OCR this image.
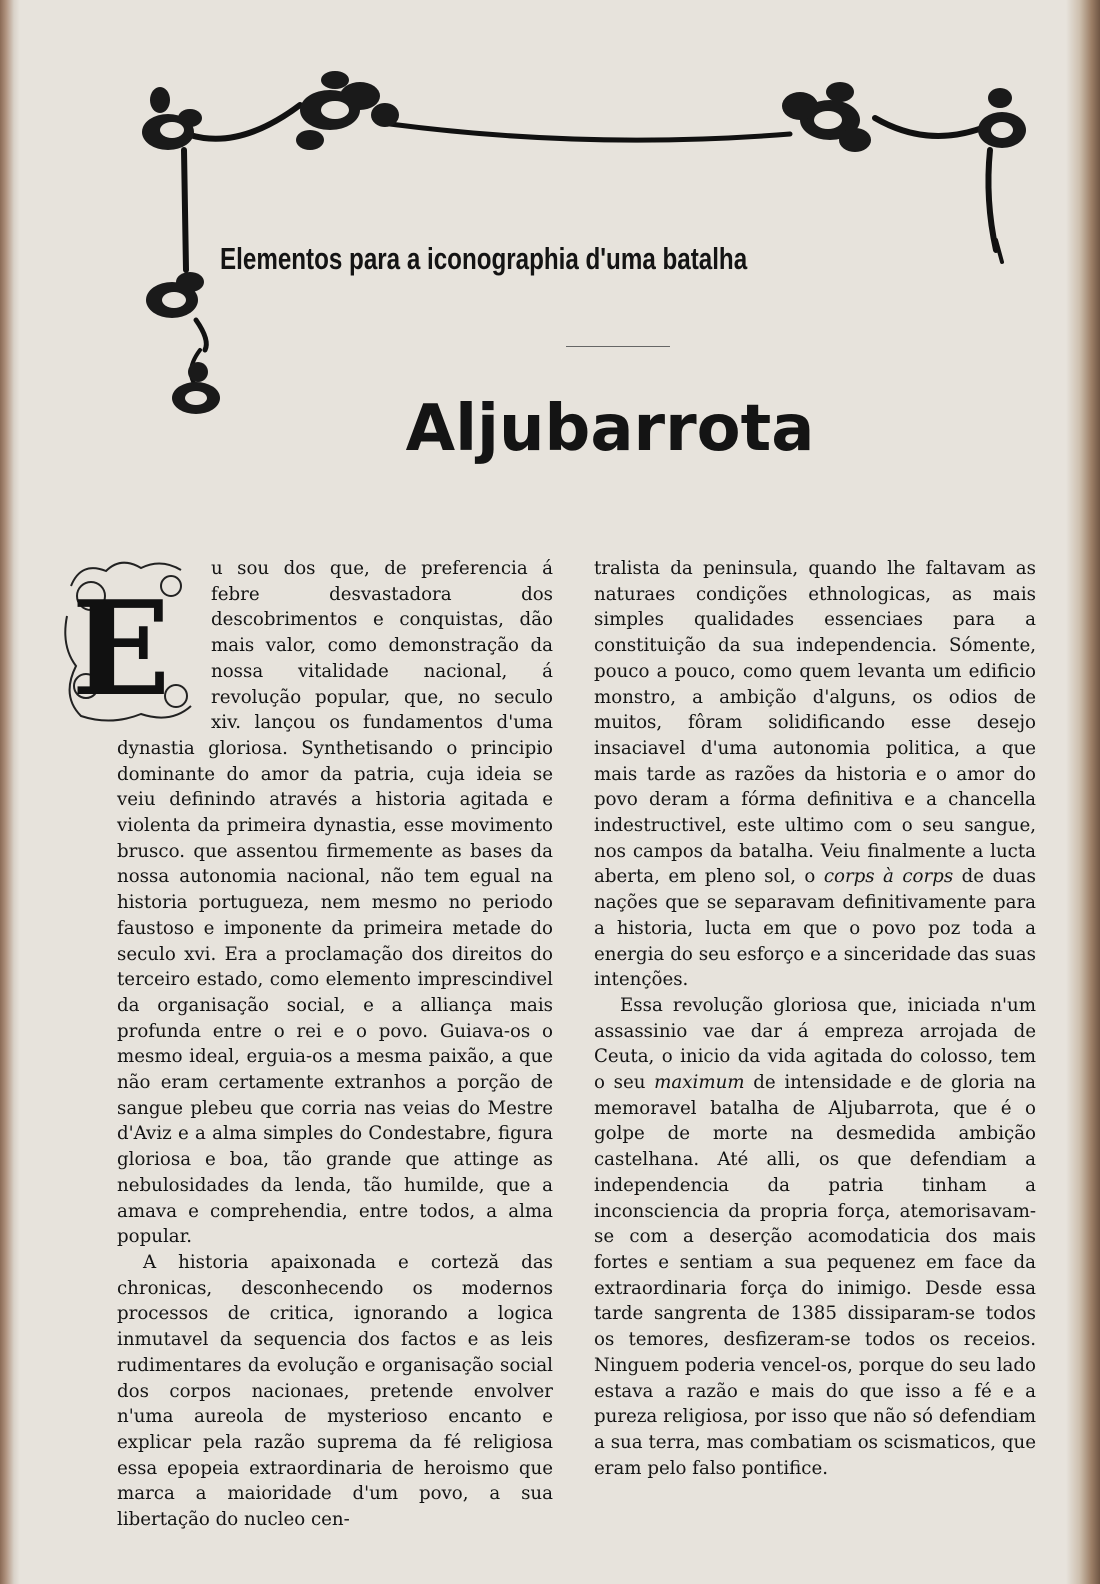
Elementos para a iconographia d'uma batalha
Aljubarrota

E
u sou dos que, de preferencia á febre desvastadora dos descobrimentos e conquistas, dão mais valor, como demonstração da nossa vitalidade nacional, á revolução popular, que, no seculo xiv. lançou os fundamentos d'uma dynastia gloriosa. Synthetisando o principio dominante do amor da patria, cuja ideia se veiu definindo através a historia agitada e violenta da primeira dynastia, esse movimento brusco. que assentou firmemente as bases da nossa autonomia nacional, não tem egual na historia portugueza, nem mesmo no periodo faustoso e imponente da primeira metade do seculo xvi. Era a proclamação dos direitos do terceiro estado, como elemento imprescindivel da organisação social, e a alliança mais profunda entre o rei e o povo. Guiava-os o mesmo ideal, erguia-os a mesma paixão, a que não eram certamente extranhos a porção de sangue plebeu que corria nas veias do Mestre d'Aviz e a alma simples do Condestabre, figura gloriosa e boa, tão grande que attinge as nebulosidades da lenda, tão humilde, que a amava e comprehendia, entre todos, a alma popular.

A historia apaixonada e corteză das chronicas, desconhecendo os modernos processos de critica, ignorando a logica inmutavel da sequencia dos factos e as leis rudimentares da evolução e organisação social dos corpos nacionaes, pretende envolver n'uma aureola de mysterioso encanto e explicar pela razão suprema da fé religiosa essa epopeia extraordinaria de heroismo que marca a maioridade d'um povo, a sua libertação do nucleo cen-

tralista da peninsula, quando lhe faltavam as naturaes condições ethnologicas, as mais simples qualidades essenciaes para a constituição da sua independencia. Sómente, pouco a pouco, como quem levanta um edificio monstro, a ambição d'alguns, os odios de muitos, fôram solidificando esse desejo insaciavel d'uma autonomia politica, a que mais tarde as razões da historia e o amor do povo deram a fórma definitiva e a chancella indestructivel, este ultimo com o seu sangue, nos campos da batalha. Veiu finalmente a lucta aberta, em pleno sol, o corps à corps de duas nações que se separavam definitivamente para a historia, lucta em que o povo poz toda a energia do seu esforço e a sinceridade das suas intenções.

Essa revolução gloriosa que, iniciada n'um assassinio vae dar á empreza arrojada de Ceuta, o inicio da vida agitada do colosso, tem o seu maximum de intensidade e de gloria na memoravel batalha de Aljubarrota, que é o golpe de morte na desmedida ambição castelhana. Até alli, os que defendiam a independencia da patria tinham a inconsciencia da propria força, atemorisavam-se com a deserção acomodaticia dos mais fortes e sentiam a sua pequenez em face da extraordinaria força do inimigo. Desde essa tarde sangrenta de 1385 dissiparam-se todos os temores, desfizeram-se todos os receios. Ninguem poderia vencel-os, porque do seu lado estava a razão e mais do que isso a fé e a pureza religiosa, por isso que não só defendiam a sua terra, mas combatiam os scismaticos, que eram pelo falso pontifice.
